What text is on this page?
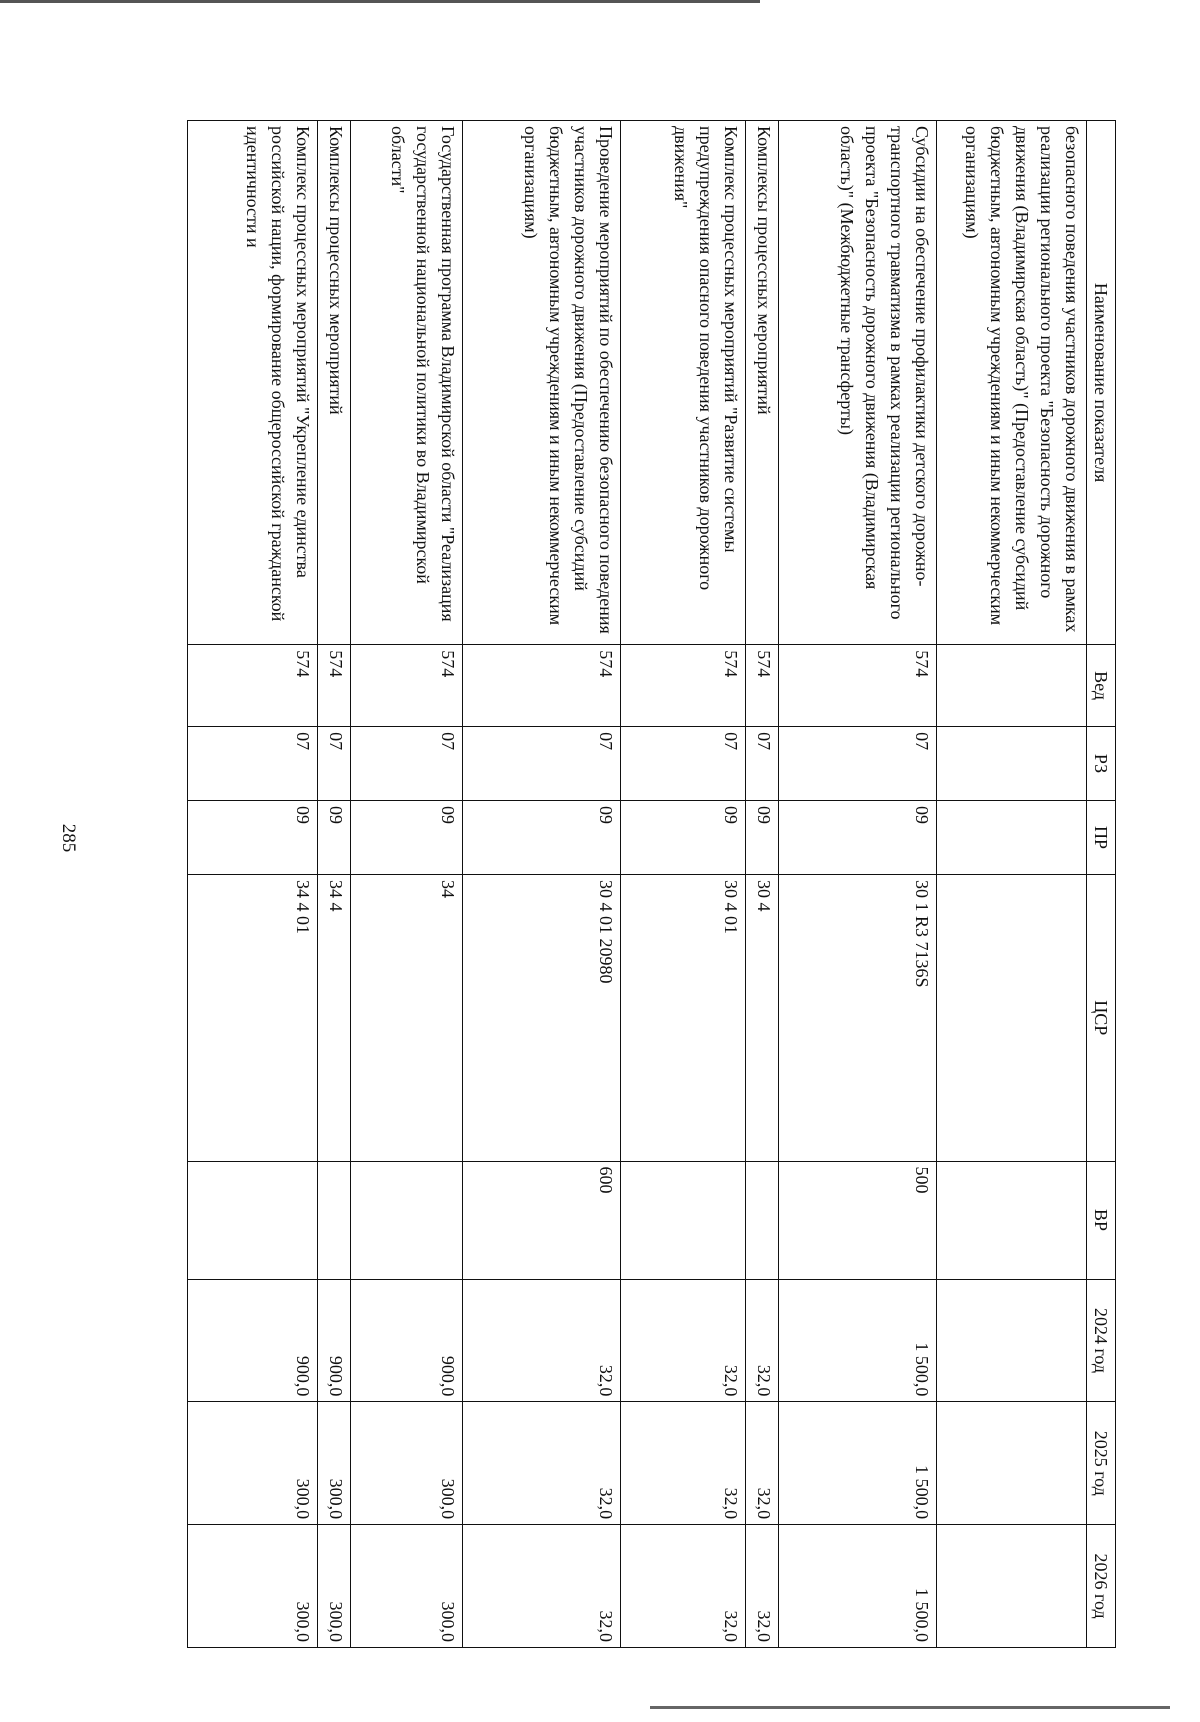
285
Наименование показателя	Вед	РЗ	ПР	ЦСР	ВР	2024 год	2025 год	2026 год
безопасного поведения участников дорожного движения в рамках реализации регионального проекта "Безопасность дорожного движения (Владимирская область)" (Предоставление субсидий бюджетным, автономным учреждениям и иным некоммерческим организациям)								
Субсидии на обеспечение профилактики детского дорожно-транспортного травматизма в рамках реализации регионального проекта "Безопасность дорожного движения (Владимирская область)" (Межбюджетные трансферты)	574	07	09	30 1 R3 7136S	500	1 500,0	1 500,0	1 500,0
Комплексы процессных мероприятий	574	07	09	30 4		32,0	32,0	32,0
Комплекс процессных мероприятий "Развитие системы предупреждения опасного поведения участников дорожного движения"	574	07	09	30 4 01		32,0	32,0	32,0
Проведение мероприятий по обеспечению безопасного поведения участников дорожного движения (Предоставление субсидий бюджетным, автономным учреждениям и иным некоммерческим организациям)	574	07	09	30 4 01 20980	600	32,0	32,0	32,0
Государственная программа Владимирской области "Реализация государственной национальной политики во Владимирской области"	574	07	09	34		900,0	300,0	300,0
Комплексы процессных мероприятий	574	07	09	34 4		900,0	300,0	300,0
Комплекс процессных мероприятий "Укрепление единства российской нации, формирование общероссийской гражданской идентичности и	574	07	09	34 4 01		900,0	300,0	300,0
